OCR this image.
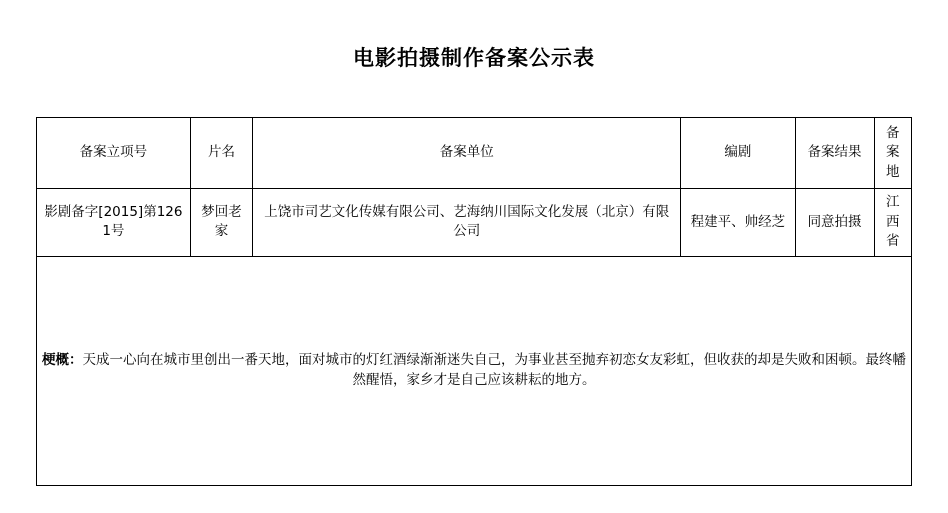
电影拍摄制作备案公示表
备案立项号	片名	备案单位	编剧	备案结果	备案地
影剧备字[2015]第1261号	梦回老家	上饶市司艺文化传媒有限公司、艺海纳川国际文化发展（北京）有限公司	程建平、帅经芝	同意拍摄	江西省
梗概：天成一心向在城市里创出一番天地，面对城市的灯红酒绿渐渐迷失自己，为事业甚至抛弃初恋女友彩虹，但收获的却是失败和困顿。最终幡然醒悟，家乡才是自己应该耕耘的地方。					
